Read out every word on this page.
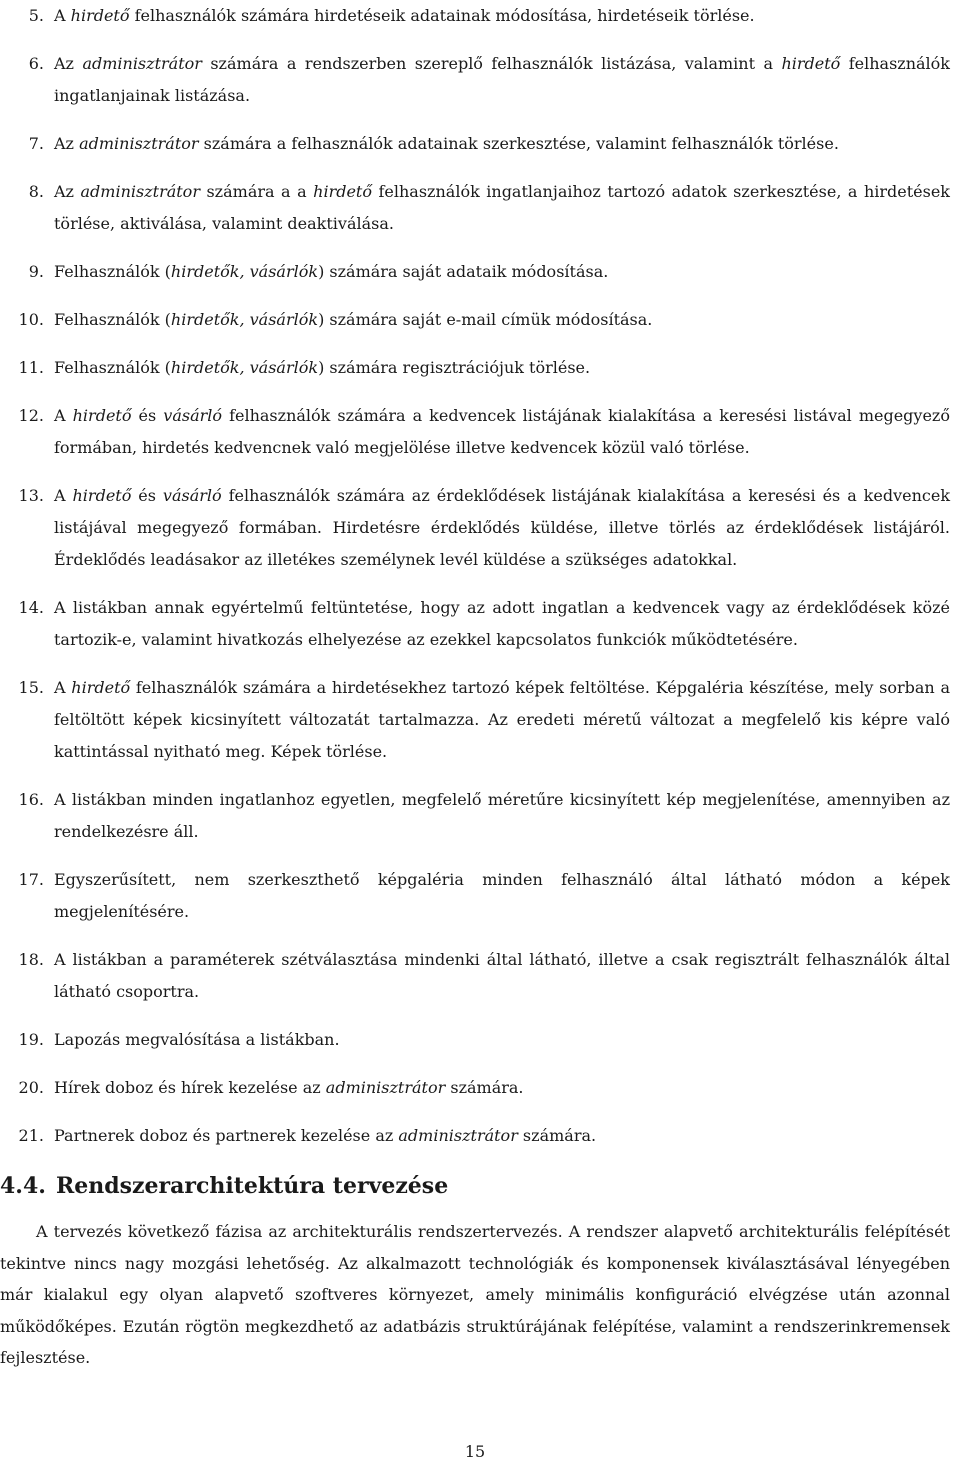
5. A hirdető felhasználók számára hirdetéseik adatainak módosítása, hirdetéseik törlése.
6. Az adminisztrátor számára a rendszerben szereplő felhasználók listázása, valamint a hirdető felhasználók ingatlanjainak listázása.
7. Az adminisztrátor számára a felhasználók adatainak szerkesztése, valamint felhasználók törlése.
8. Az adminisztrátor számára a a hirdető felhasználók ingatlanjaihoz tartozó adatok szerkesztése, a hirdetések törlése, aktiválása, valamint deaktiválása.
9. Felhasználók (hirdetők, vásárlók) számára saját adataik módosítása.
10. Felhasználók (hirdetők, vásárlók) számára saját e-mail címük módosítása.
11. Felhasználók (hirdetők, vásárlók) számára regisztrációjuk törlése.
12. A hirdető és vásárló felhasználók számára a kedvencek listájának kialakítása a keresési listával megegyező formában, hirdetés kedvencnek való megjelölése illetve kedvencek közül való törlése.
13. A hirdető és vásárló felhasználók számára az érdeklődések listájának kialakítása a keresési és a kedvencek listájával megegyező formában. Hirdetésre érdeklődés küldése, illetve törlés az érdeklődések listájáról. Érdeklődés leadásakor az illetékes személynek levél küldése a szükséges adatokkal.
14. A listákban annak egyértelmű feltüntetése, hogy az adott ingatlan a kedvencek vagy az érdeklődések közé tartozik-e, valamint hivatkozás elhelyezése az ezekkel kapcsolatos funkciók működtetésére.
15. A hirdető felhasználók számára a hirdetésekhez tartozó képek feltöltése. Képgaléria készítése, mely sorban a feltöltött képek kicsinyített változatát tartalmazza. Az eredeti méretű változat a megfelelő kis képre való kattintással nyitható meg. Képek törlése.
16. A listákban minden ingatlanhoz egyetlen, megfelelő méretűre kicsinyített kép megjelenítése, amennyiben az rendelkezésre áll.
17. Egyszerűsített, nem szerkeszthető képgaléria minden felhasználó által látható módon a képek megjelenítésére.
18. A listákban a paraméterek szétválasztása mindenki által látható, illetve a csak regisztrált felhasználók által látható csoportra.
19. Lapozás megvalósítása a listákban.
20. Hírek doboz és hírek kezelése az adminisztrátor számára.
21. Partnerek doboz és partnerek kezelése az adminisztrátor számára.
4.4. Rendszerarchitektúra tervezése

A tervezés következő fázisa az architekturális rendszertervezés. A rendszer alapvető architekturális felépítését tekintve nincs nagy mozgási lehetőség. Az alkalmazott technológiák és komponensek kiválasztásával lényegében már kialakul egy olyan alapvető szoftveres környezet, amely minimális konfiguráció elvégzése után azonnal működőképes. Ezután rögtön megkezdhető az adatbázis struktúrájának felépítése, valamint a rendszerinkremensek fejlesztése.

15
